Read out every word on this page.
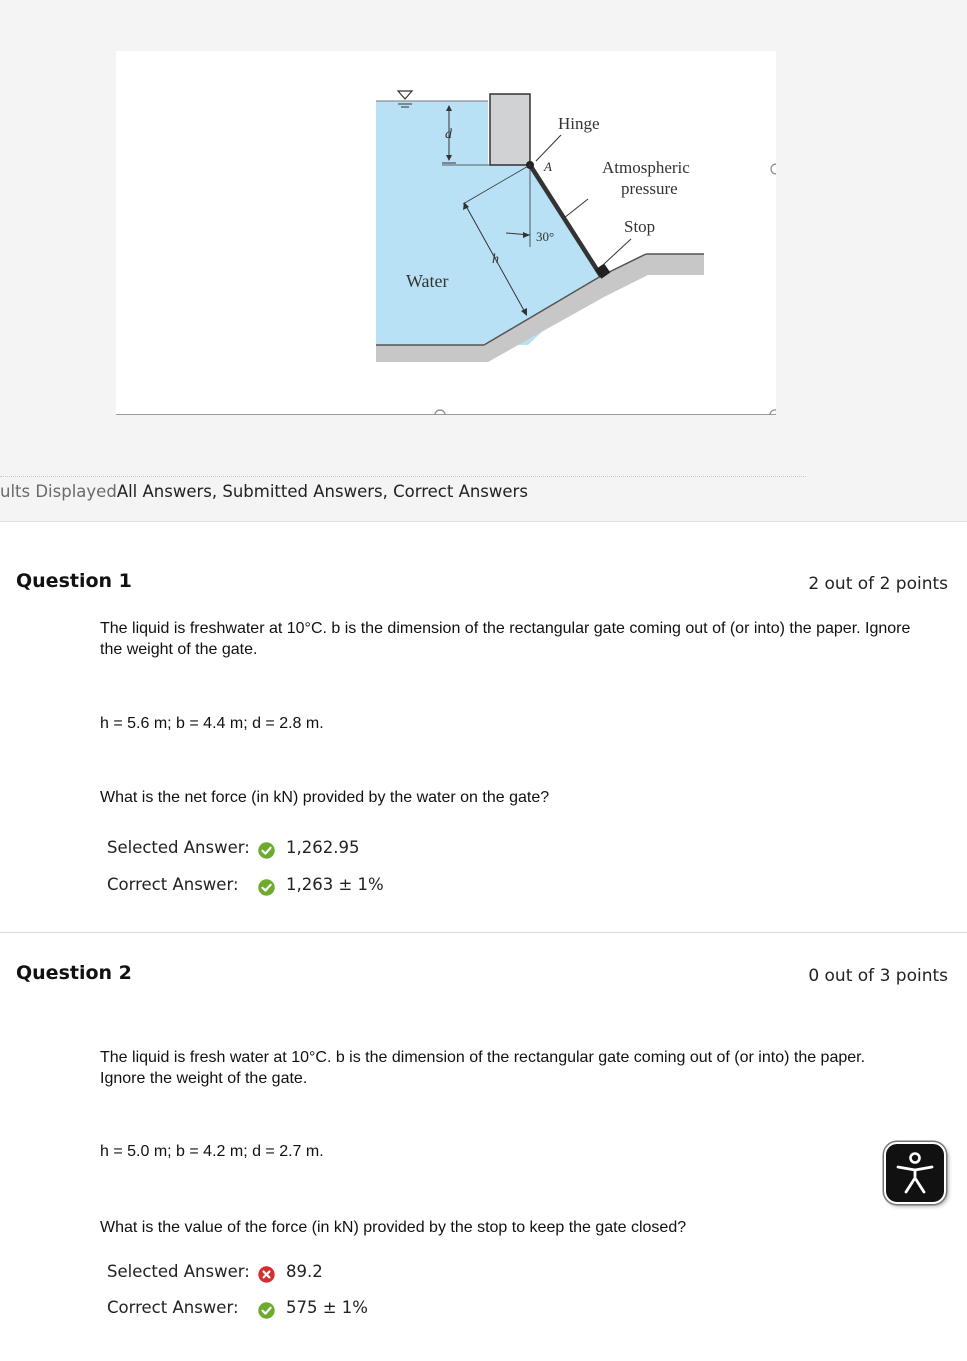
d
Hinge
A	Atmospheric
pressure
Stop
30°
h
Water
ults DisplayedAll Answers, Submitted Answers, Correct Answers
Question 1	2 out of 2 points
The liquid is freshwater at 10°C. b is the dimension of the rectangular gate coming out of (or into) the paper. Ignore
the weight of the gate.
h = 5.6 m; b = 4.4 m; d = 2.8 m.
What is the net force (in kN) provided by the water on the gate?
Selected Answer: 1,262.95
Correct Answer:	1,263 ± 1%
Question 2	0 out of 3 points
The liquid is fresh water at 10°C. b is the dimension of the rectangular gate coming out of (or into) the paper.
Ignore the weight of the gate.
h = 5.0 m; b = 4.2 m; d = 2.7 m.
What is the value of the force (in kN) provided by the stop to keep the gate closed?
Selected Answer: 89.2
Correct Answer:	575 ± 1%
